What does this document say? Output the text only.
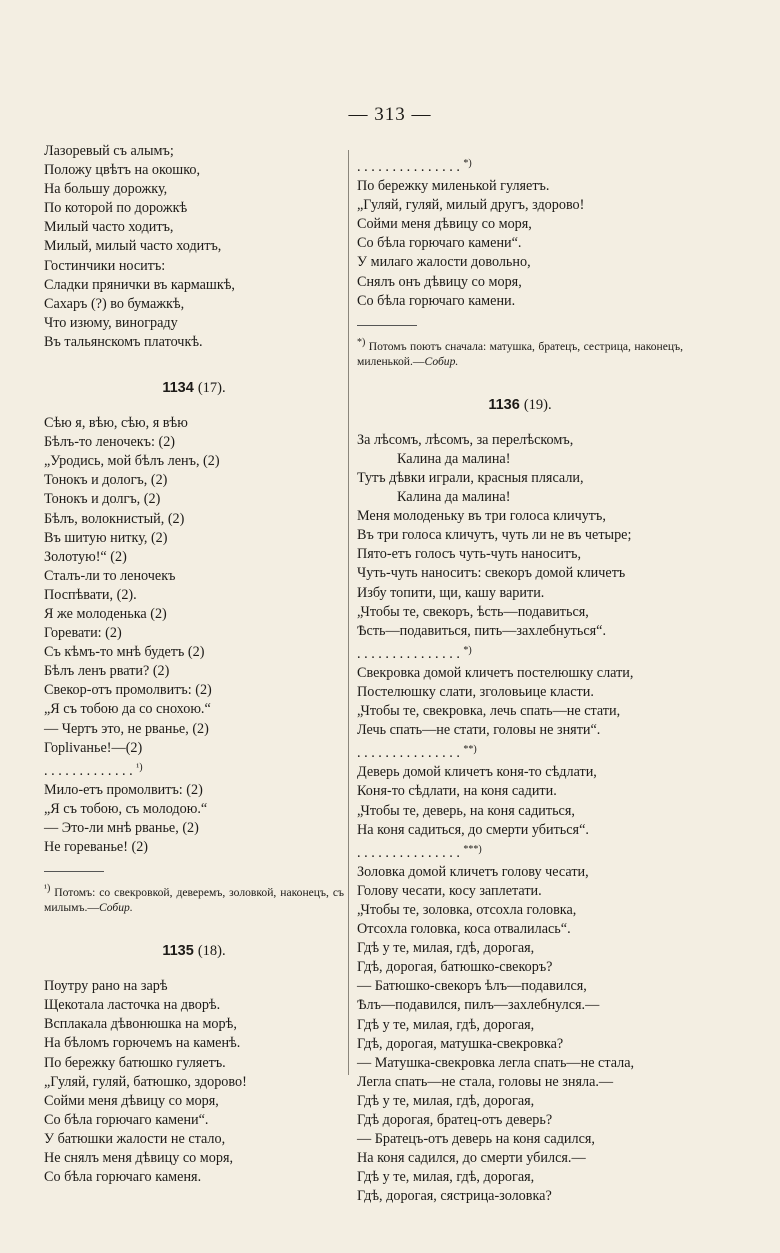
— 313 —
Лазоревый съ алымъ;
Положу цвѣтъ на окошко,
На большу дорожку,
По которой по дорожкѣ
Милый часто ходитъ,
Милый, милый часто ходитъ,
Гостинчики носитъ:
Сладки прянички въ кармашкѣ,
Сахаръ (?) во бумажкѣ,
Что изюму, винограду
Въ тальянскомъ платочкѣ.
1134 (17).
Сѣю я, вѣю, сѣю, я вѣю
Бѣлъ-то леночекъ: (2)
„Уродись, мой бѣлъ ленъ, (2)
Тонокъ и дологъ, (2)
Тонокъ и долгъ, (2)
Бѣлъ, волокнистый, (2)
Въ шитую нитку, (2)
Золотую!“ (2)
Сталъ-ли то леночекъ
Поспѣвати, (2).
Я же молоденька (2)
Горевати: (2)
Съ кѣмъ-то мнѣ будетъ (2)
Бѣлъ ленъ рвати? (2)
Свекор-отъ промолвитъ: (2)
„Я съ тобою да со снохою.“
— Чертъ это, не рванье, (2)
Горlivанье!—(2)
. . . . . . . . . . . . . $^{^1)}$
Мило-етъ промолвитъ: (2)
„Я съ тобою, съ молодою.“
— Это-ли мнѣ рванье, (2)
Не гореванье! (2)
¹) Потомъ: со свекровкой, деверемъ, золовкой, наконецъ, съ милымъ.—Собир.
1135 (18).
Поутру рано на зарѣ
Щекотала ласточка на дворѣ.
Всплакала дѣвонюшка на морѣ,
На бѣломъ горючемъ на каменѣ.
По бережку батюшко гуляетъ.
„Гуляй, гуляй, батюшко, здорово!
Сойми меня дѣвицу со моря,
Со бѣла горючаго камени“.
У батюшки жалости не стало,
Не снялъ меня дѣвицу со моря,
Со бѣла горючаго каменя.
. . . . . . . . . . . . . . . *)
По бережку миленькой гуляетъ.
„Гуляй, гуляй, милый другъ, здорово!
Сойми меня дѣвицу со моря,
Со бѣла горючаго камени“.
У милаго жалости довольно,
Снялъ онъ дѣвицу со моря,
Со бѣла горючаго камени.
*) Потомъ поютъ сначала: матушка, братецъ, сестрица, наконецъ, миленькой.—Собир.
1136 (19).
За лѣсомъ, лѣсомъ, за перелѣскомъ,
Калина да малина!
Тутъ дѣвки играли, красныя плясали,
Калина да малина!
Меня молоденьку въ три голоса кличутъ,
Въ три голоса кличутъ, чуть ли не въ четыре;
Пято-етъ голосъ чуть-чуть наноситъ,
Чуть-чуть наноситъ: свекоръ домой кличетъ
Избу топити, щи, кашу варити.
„Чтобы те, свекоръ, ѣсть—подавиться,
Ѣсть—подавиться, пить—захлебнуться“.
. . . . . . . . . . . . . . . *)
Свекровка домой кличетъ постелюшку слати,
Постелюшку слати, зголовьице класти.
„Чтобы те, свекровка, лечь спать—не стати,
Лечь спать—не стати, головы не зняти“.
. . . . . . . . . . . . . . . **)
Деверь домой кличетъ коня-то сѣдлати,
Коня-то сѣдлати, на коня садити.
„Чтобы те, деверь, на коня садиться,
На коня садиться, до смерти убиться“.
. . . . . . . . . . . . . . . ***)
Золовка домой кличетъ голову чесати,
Голову чесати, косу заплетати.
„Чтобы те, золовка, отсохла головка,
Отсохла головка, коса отвалилась“.
Гдѣ у те, милая, гдѣ, дорогая,
Гдѣ, дорогая, батюшко-свекоръ?
— Батюшко-свекоръ ѣлъ—подавился,
Ѣлъ—подавился, пилъ—захлебнулся.—
Гдѣ у те, милая, гдѣ, дорогая,
Гдѣ, дорогая, матушка-свекровка?
— Матушка-свекровка легла спать—не стала,
Легла спать—не стала, головы не зняла.—
Гдѣ у те, милая, гдѣ, дорогая,
Гдѣ дорогая, братец-отъ деверь?
— Братецъ-отъ деверь на коня садился,
На коня садился, до смерти убился.—
Гдѣ у те, милая, гдѣ, дорогая,
Гдѣ, дорогая, сястрица-золовка?
